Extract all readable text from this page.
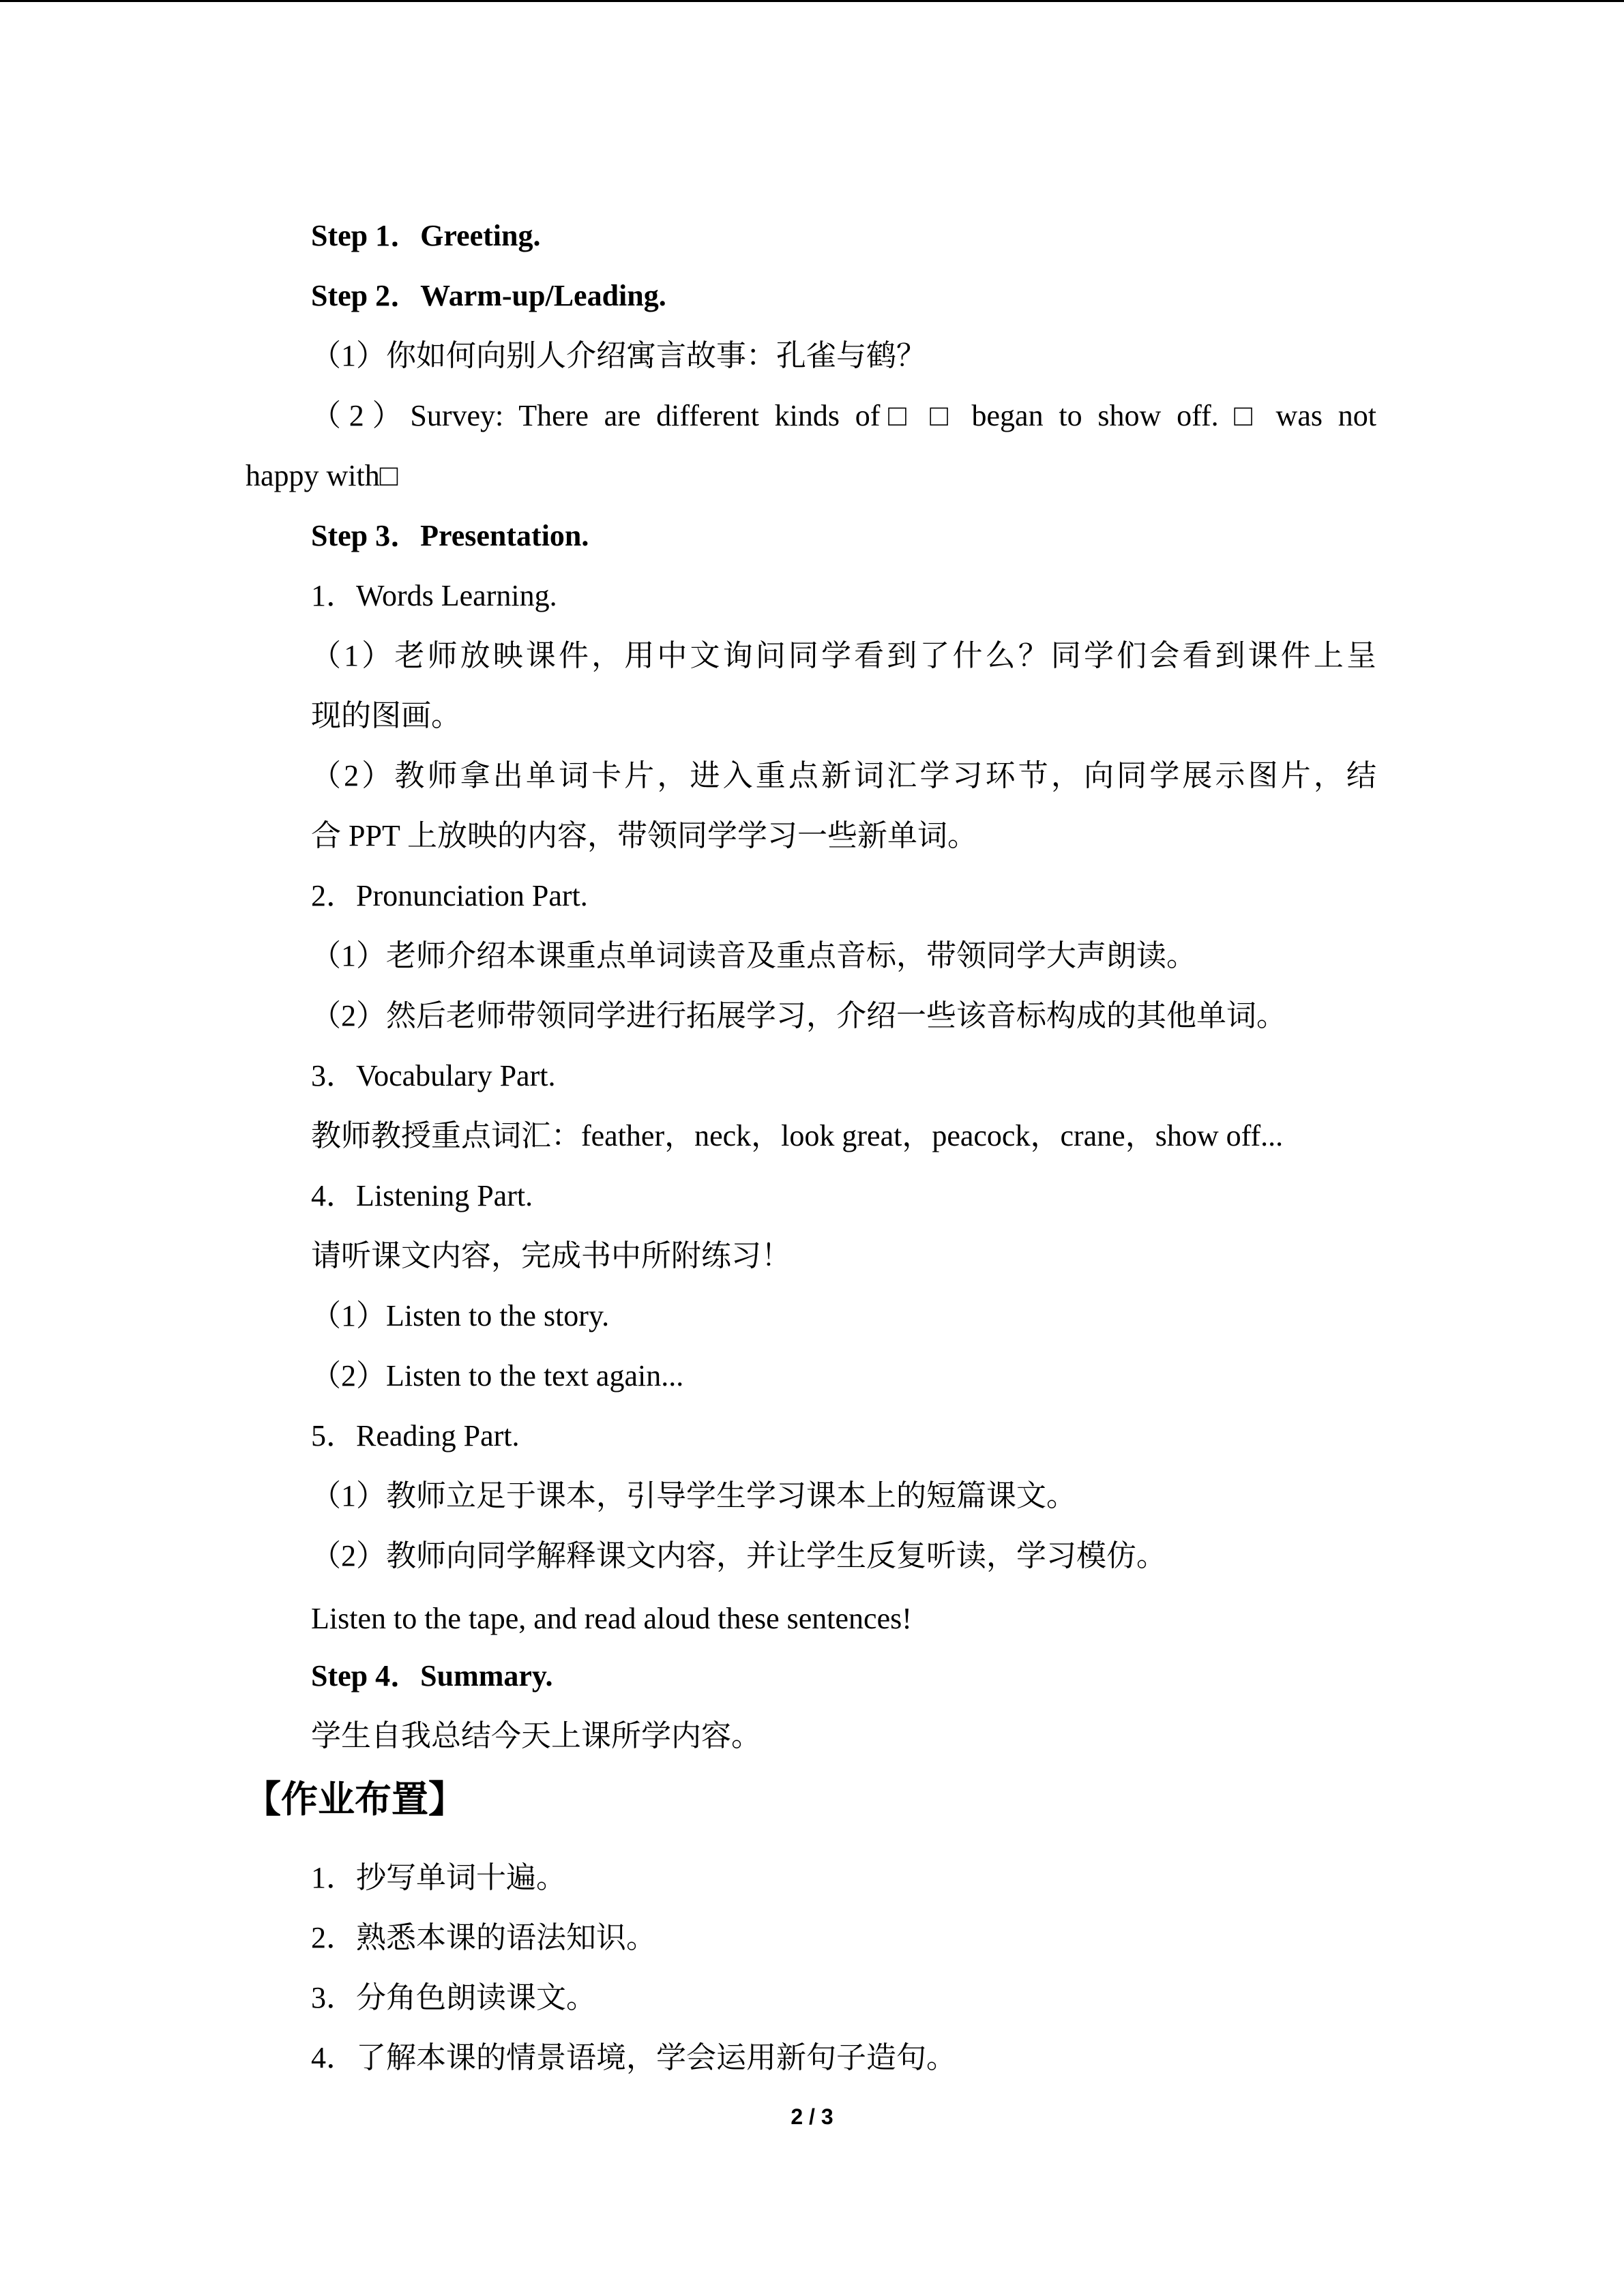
Step 1．Greeting.

Step 2．Warm-up/Leading.

（1）你如何向别人介绍寓言故事：孔雀与鹤？

（2）Survey: There are different kinds of□ □ began to show off. □ was not

happy with□

Step 3．Presentation.

1．Words Learning.

（1）老师放映课件，用中文询问同学看到了什么？同学们会看到课件上呈

现的图画。

（2）教师拿出单词卡片，进入重点新词汇学习环节，向同学展示图片，结

合 PPT 上放映的内容，带领同学学习一些新单词。

2．Pronunciation Part.

（1）老师介绍本课重点单词读音及重点音标，带领同学大声朗读。

（2）然后老师带领同学进行拓展学习，介绍一些该音标构成的其他单词。

3．Vocabulary Part.

教师教授重点词汇：feather，neck，look great，peacock，crane，show off...

4．Listening Part.

请听课文内容，完成书中所附练习！

（1）Listen to the story.

（2）Listen to the text again...

5．Reading Part.

（1）教师立足于课本，引导学生学习课本上的短篇课文。

（2）教师向同学解释课文内容，并让学生反复听读，学习模仿。

Listen to the tape, and read aloud these sentences!

Step 4．Summary.

学生自我总结今天上课所学内容。

【作业布置】

1．抄写单词十遍。

2．熟悉本课的语法知识。

3．分角色朗读课文。

4．了解本课的情景语境，学会运用新句子造句。

2 / 3
